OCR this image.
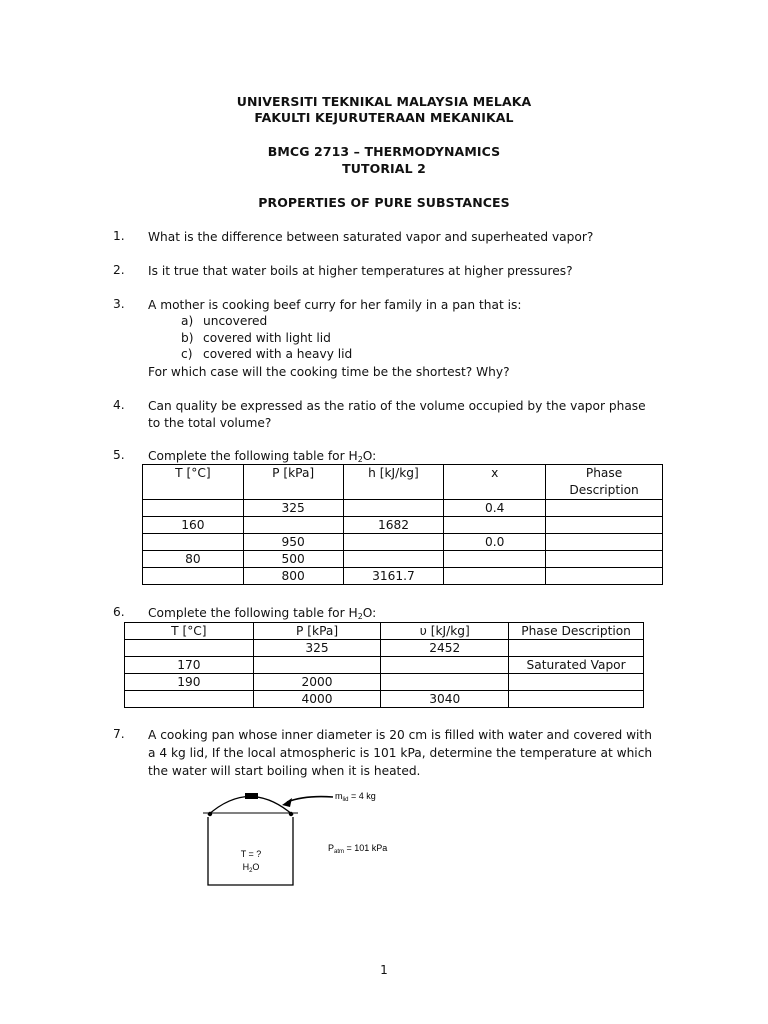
UNIVERSITI TEKNIKAL MALAYSIA MELAKA
FAKULTI KEJURUTERAAN MEKANIKAL
BMCG 2713 – THERMODYNAMICS
TUTORIAL 2
PROPERTIES OF PURE SUBSTANCES
1. What is the difference between saturated vapor and superheated vapor?
2. Is it true that water boils at higher temperatures at higher pressures?
3. A mother is cooking beef curry for her family in a pan that is:
a) uncovered
b) covered with light lid
c) covered with a heavy lid
For which case will the cooking time be the shortest? Why?
4. Can quality be expressed as the ratio of the volume occupied by the vapor phase
to the total volume?
5. Complete the following table for $H_2O$:
T [°C]	P [kPa]	h [kJ/kg]	x	Phase
Description
	325		0.4	
160		1682		
	950		0.0	
80	500			
	800	3161.7		
6. Complete the following table for $H_2O$:
T [°C]	P [kPa]	υ [kJ/kg]	Phase Description
	325	2452	
170			Saturated Vapor
190	2000		
	4000	3040	
7. A cooking pan whose inner diameter is 20 cm is filled with water and covered with
a 4 kg lid, If the local atmospheric is 101 kPa, determine the temperature at which
the water will start boiling when it is heated.
$m_{lid} = 4$ kg
$P_{atm} = 101$ kPa
T = ?
$H_2O$
1
